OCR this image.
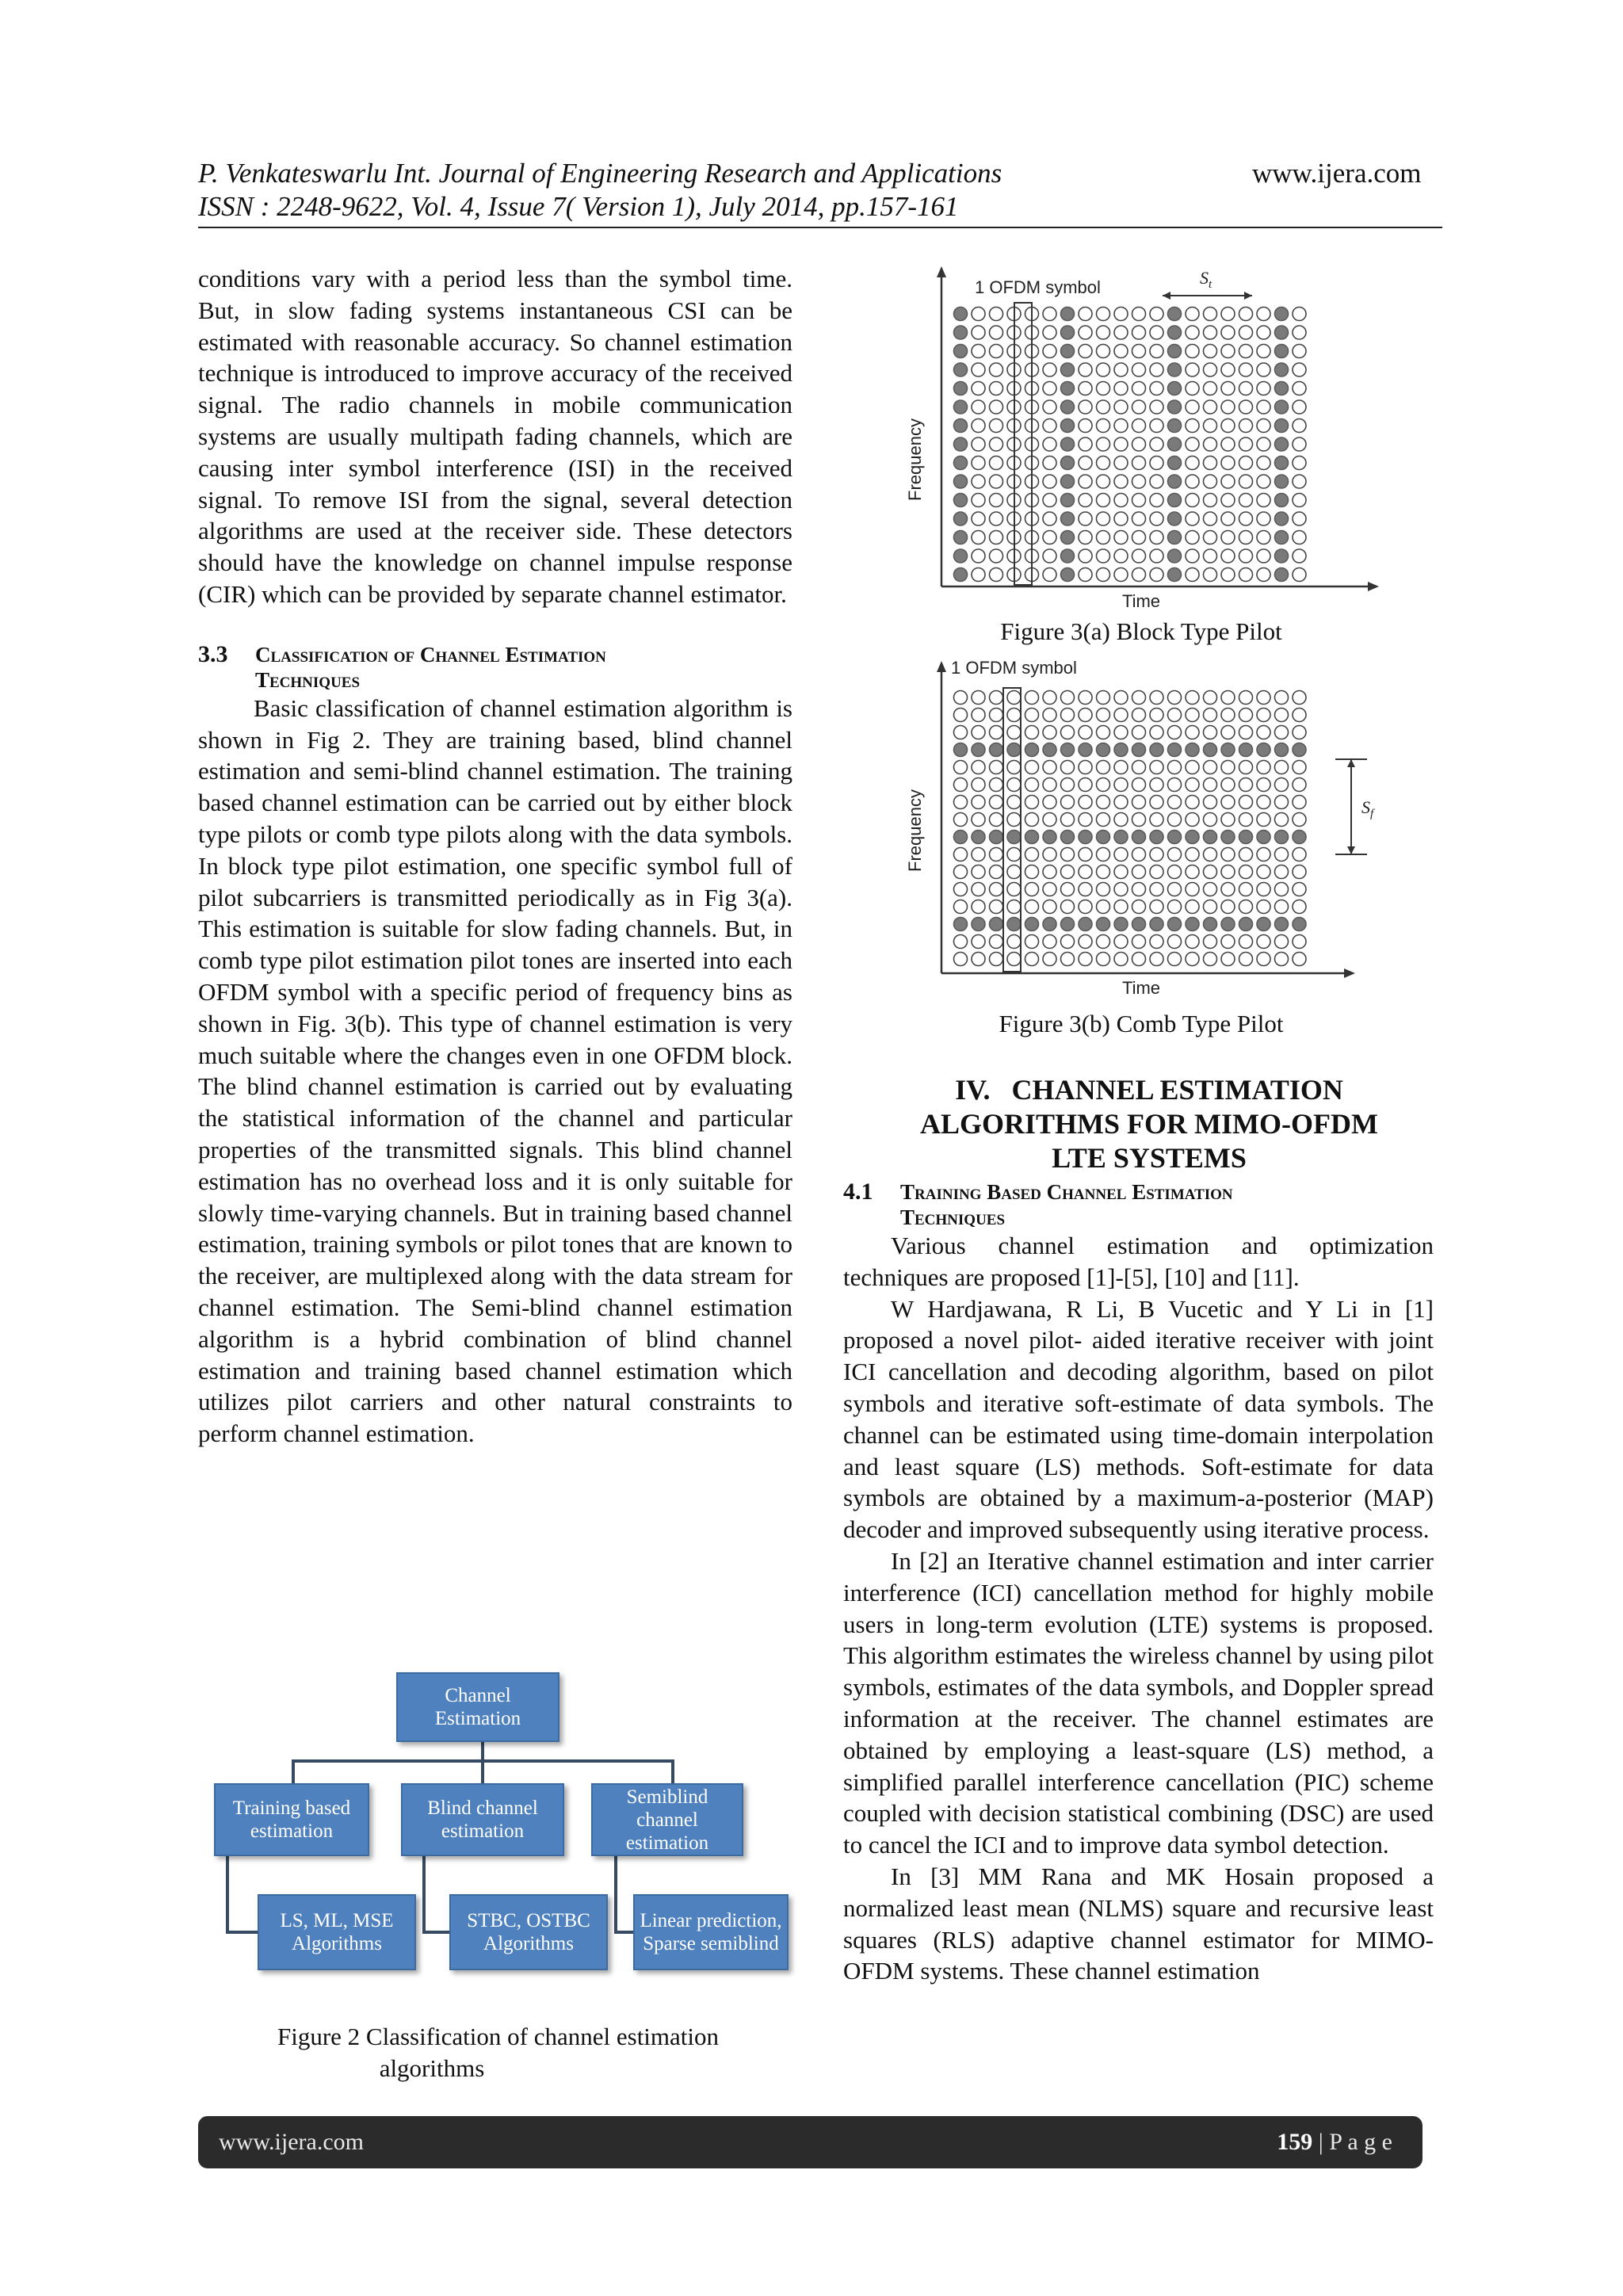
P. Venkateswarlu Int. Journal of Engineering Research and Applications
ISSN : 2248-9622, Vol. 4, Issue 7( Version 1), July 2014, pp.157-161
www.ijera.com

conditions vary with a period less than the symbol time. But, in slow fading systems instantaneous CSI can be estimated with reasonable accuracy. So channel estimation technique is introduced to improve accuracy of the received signal. The radio channels in mobile communication systems are usually multipath fading channels, which are causing inter symbol interference (ISI) in the received signal. To remove ISI from the signal, several detection algorithms are used at the receiver side. These detectors should have the knowledge on channel impulse response (CIR) which can be provided by separate channel estimator.

3.3 Classification of Channel Estimation
Techniques

Basic classification of channel estimation algorithm is shown in Fig 2. They are training based, blind channel estimation and semi-blind channel estimation. The training based channel estimation can be carried out by either block type pilots or comb type pilots along with the data symbols. In block type pilot estimation, one specific symbol full of pilot subcarriers is transmitted periodically as in Fig 3(a). This estimation is suitable for slow fading channels. But, in comb type pilot estimation pilot tones are inserted into each OFDM symbol with a specific period of frequency bins as shown in Fig. 3(b). This type of channel estimation is very much suitable where the changes even in one OFDM block. The blind channel estimation is carried out by evaluating the statistical information of the channel and particular properties of the transmitted signals. This blind channel estimation has no overhead loss and it is only suitable for slowly time-varying channels. But in training based channel estimation, training symbols or pilot tones that are known to the receiver, are multiplexed along with the data stream for channel estimation. The Semi-blind channel estimation algorithm is a hybrid combination of blind channel estimation and training based channel estimation which utilizes pilot carriers and other natural constraints to perform channel estimation.

Channel Estimation
Training based estimation
Blind channel estimation
Semiblind channel estimation
LS, ML, MSE Algorithms
STBC, OSTBC Algorithms
Linear prediction, Sparse semiblind
Figure 2 Classification of channel estimation
algorithms
1 OFDM symbol	$S_t$
Frequency
Time
Figure 3(a) Block Type Pilot
1 OFDM symbol
$S_f$
Frequency
Time
Figure 3(b) Comb Type Pilot
IV.   CHANNEL ESTIMATION
ALGORITHMS FOR MIMO-OFDM
LTE SYSTEMS
4.1 Training Based Channel Estimation
Techniques

Various channel estimation and optimization techniques are proposed [1]-[5], [10] and [11].

W Hardjawana, R Li, B Vucetic and Y Li in [1] proposed a novel pilot- aided iterative receiver with joint ICI cancellation and decoding algorithm, based on pilot symbols and iterative soft-estimate of data symbols. The channel can be estimated using time-domain interpolation and least square (LS) methods. Soft-estimate for data symbols are obtained by a maximum-a-posterior (MAP) decoder and improved subsequently using iterative process.

In [2] an Iterative channel estimation and inter carrier interference (ICI) cancellation method for highly mobile users in long-term evolution (LTE) systems is proposed. This algorithm estimates the wireless channel by using pilot symbols, estimates of the data symbols, and Doppler spread information at the receiver. The channel estimates are obtained by employing a least-square (LS) method, a simplified parallel interference cancellation (PIC) scheme coupled with decision statistical combining (DSC) are used to cancel the ICI and to improve data symbol detection.

In [3] MM Rana and MK Hosain proposed a normalized least mean (NLMS) square and recursive least squares (RLS) adaptive channel estimator for MIMO-OFDM systems. These channel estimation

www.ijera.com	159 | P a g e
